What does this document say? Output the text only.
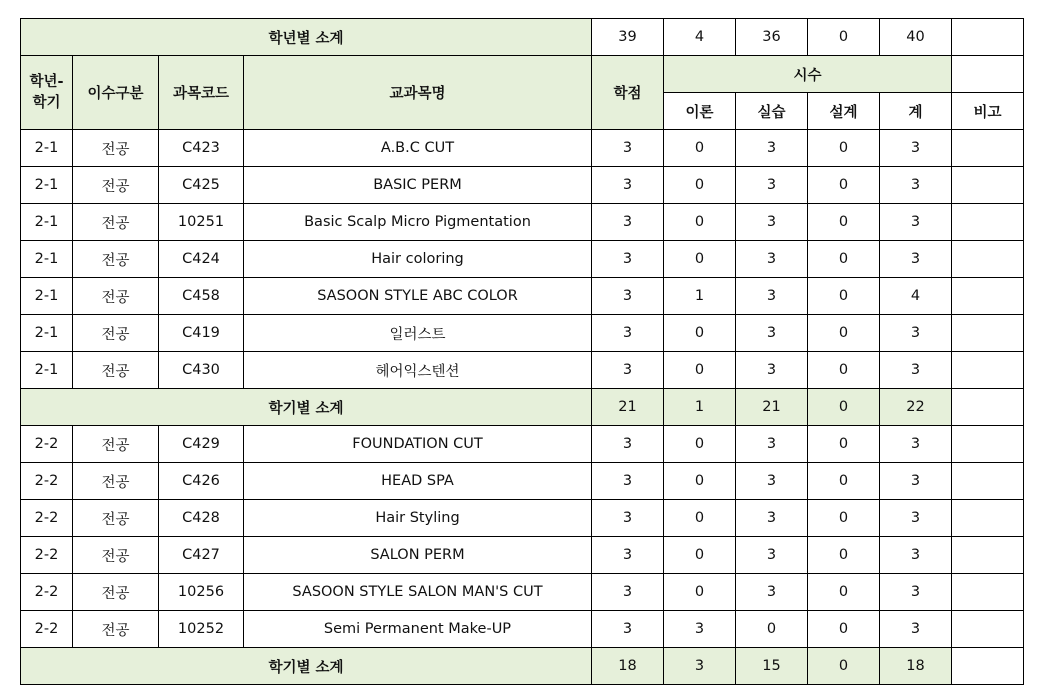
학년별 소계				39	4	36	0	40	
학년-
학기	이수구분	과목코드	교과목명	학점	시수				
					이론	실습	설계	계	비고
2-1	전공	C423	A.B.C CUT	3	0	3	0	3	
2-1	전공	C425	BASIC PERM	3	0	3	0	3	
2-1	전공	10251	Basic Scalp Micro Pigmentation	3	0	3	0	3	
2-1	전공	C424	Hair coloring	3	0	3	0	3	
2-1	전공	C458	SASOON STYLE ABC COLOR	3	1	3	0	4	
2-1	전공	C419	일러스트	3	0	3	0	3	
2-1	전공	C430	헤어익스텐션	3	0	3	0	3	
학기별 소계				21	1	21	0	22	
2-2	전공	C429	FOUNDATION CUT	3	0	3	0	3	
2-2	전공	C426	HEAD SPA	3	0	3	0	3	
2-2	전공	C428	Hair Styling	3	0	3	0	3	
2-2	전공	C427	SALON PERM	3	0	3	0	3	
2-2	전공	10256	SASOON STYLE SALON MAN'S CUT	3	0	3	0	3	
2-2	전공	10252	Semi Permanent Make-UP	3	3	0	0	3	
학기별 소계				18	3	15	0	18	
